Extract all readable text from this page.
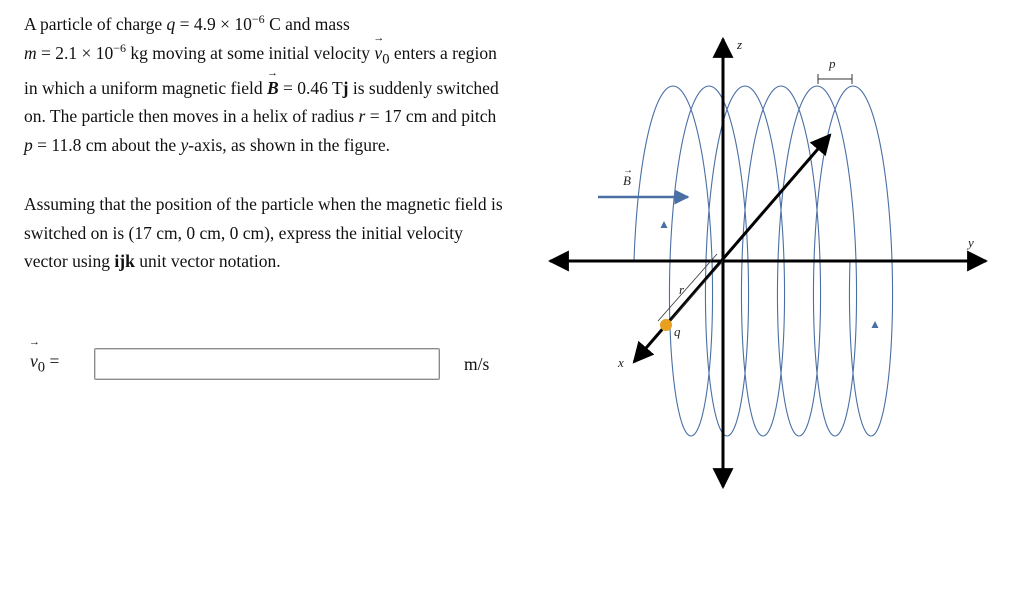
A particle of charge $q = 4.9 \times 10^{-6}$ C and mass
$m = 2.1 \times 10^{-6}$ kg moving at some initial velocity → $v_0$ enters a region in which a uniform magnetic field → B = 0.46 Tj is suddenly switched on. The particle then moves in a helix of radius r = 17 cm and pitch p = 11.8 cm about the y-axis, as shown in the figure.
Assuming that the position of the particle when the magnetic field is switched on is (17 cm, 0 cm, 0 cm), express the initial velocity vector using ijk unit vector notation.
→ $v_0$ =	m/s
z
y
x
B
→
p
r
q
